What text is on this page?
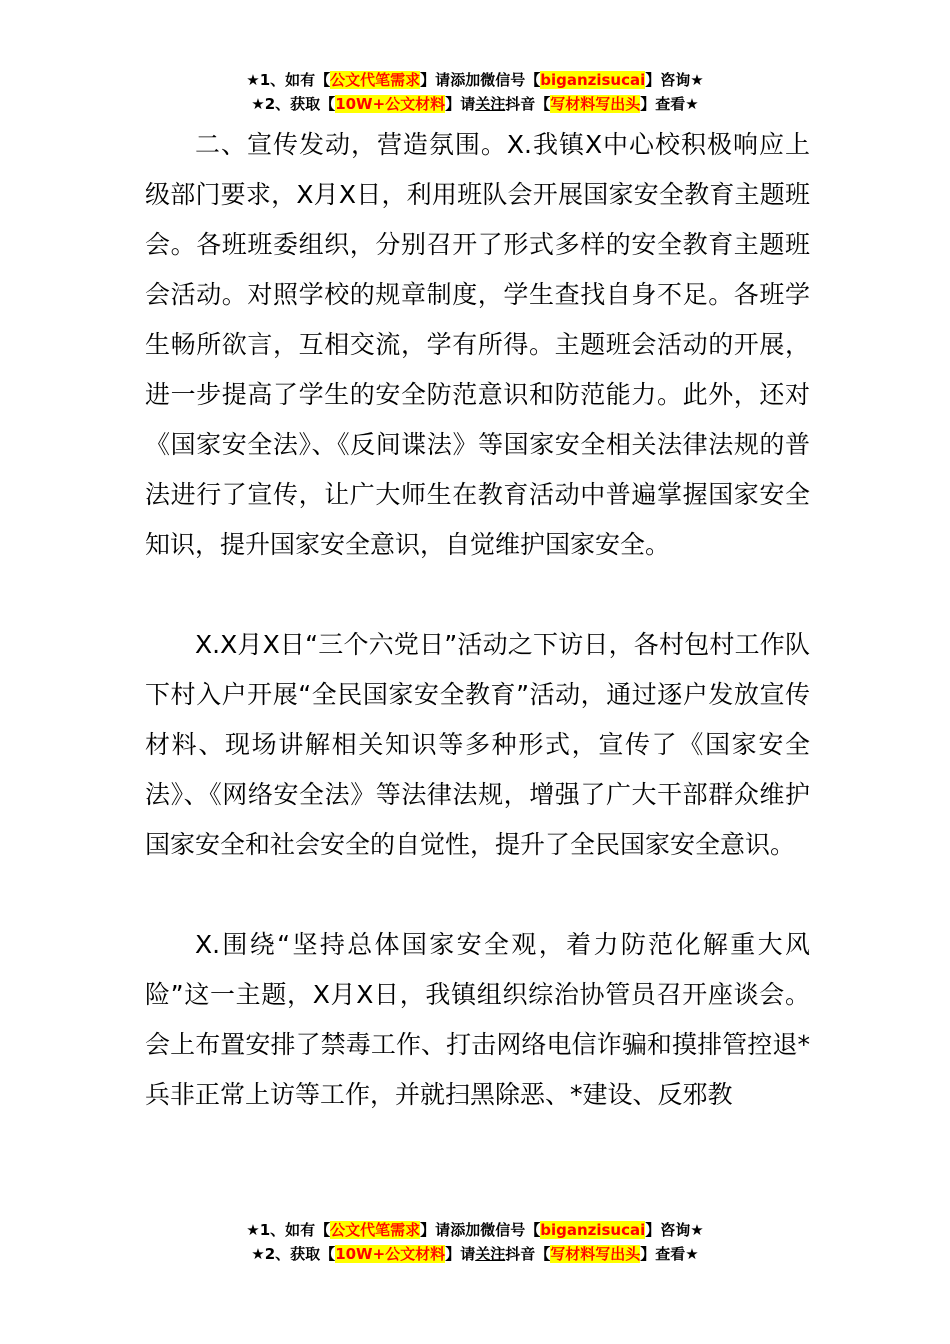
★1、如有【公文代笔需求】请添加微信号【biganzisucai】咨询★
★2、获取【10W+公文材料】请关注抖音【写材料写出头】查看★

二、宣传发动，营造氛围。X.我镇X中心校积极响应上级部门要求，X月X日，利用班队会开展国家安全教育主题班会。各班班委组织，分别召开了形式多样的安全教育主题班会活动。对照学校的规章制度，学生查找自身不足。各班学生畅所欲言，互相交流，学有所得。主题班会活动的开展，进一步提高了学生的安全防范意识和防范能力。此外，还对《国家安全法》、《反间谍法》等国家安全相关法律法规的普法进行了宣传，让广大师生在教育活动中普遍掌握国家安全知识，提升国家安全意识，自觉维护国家安全。

X.X月X日“三个六党日”活动之下访日，各村包村工作队下村入户开展“全民国家安全教育”活动，通过逐户发放宣传材料、现场讲解相关知识等多种形式，宣传了《国家安全法》、《网络安全法》等法律法规，增强了广大干部群众维护国家安全和社会安全的自觉性，提升了全民国家安全意识。

X.围绕“坚持总体国家安全观，着力防范化解重大风险”这一主题，X月X日，我镇组织综治协管员召开座谈会。会上布置安排了禁毒工作、打击网络电信诈骗和摸排管控退*兵非正常上访等工作，并就扫黑除恶、*建设、反邪教

★1、如有【公文代笔需求】请添加微信号【biganzisucai】咨询★
★2、获取【10W+公文材料】请关注抖音【写材料写出头】查看★
